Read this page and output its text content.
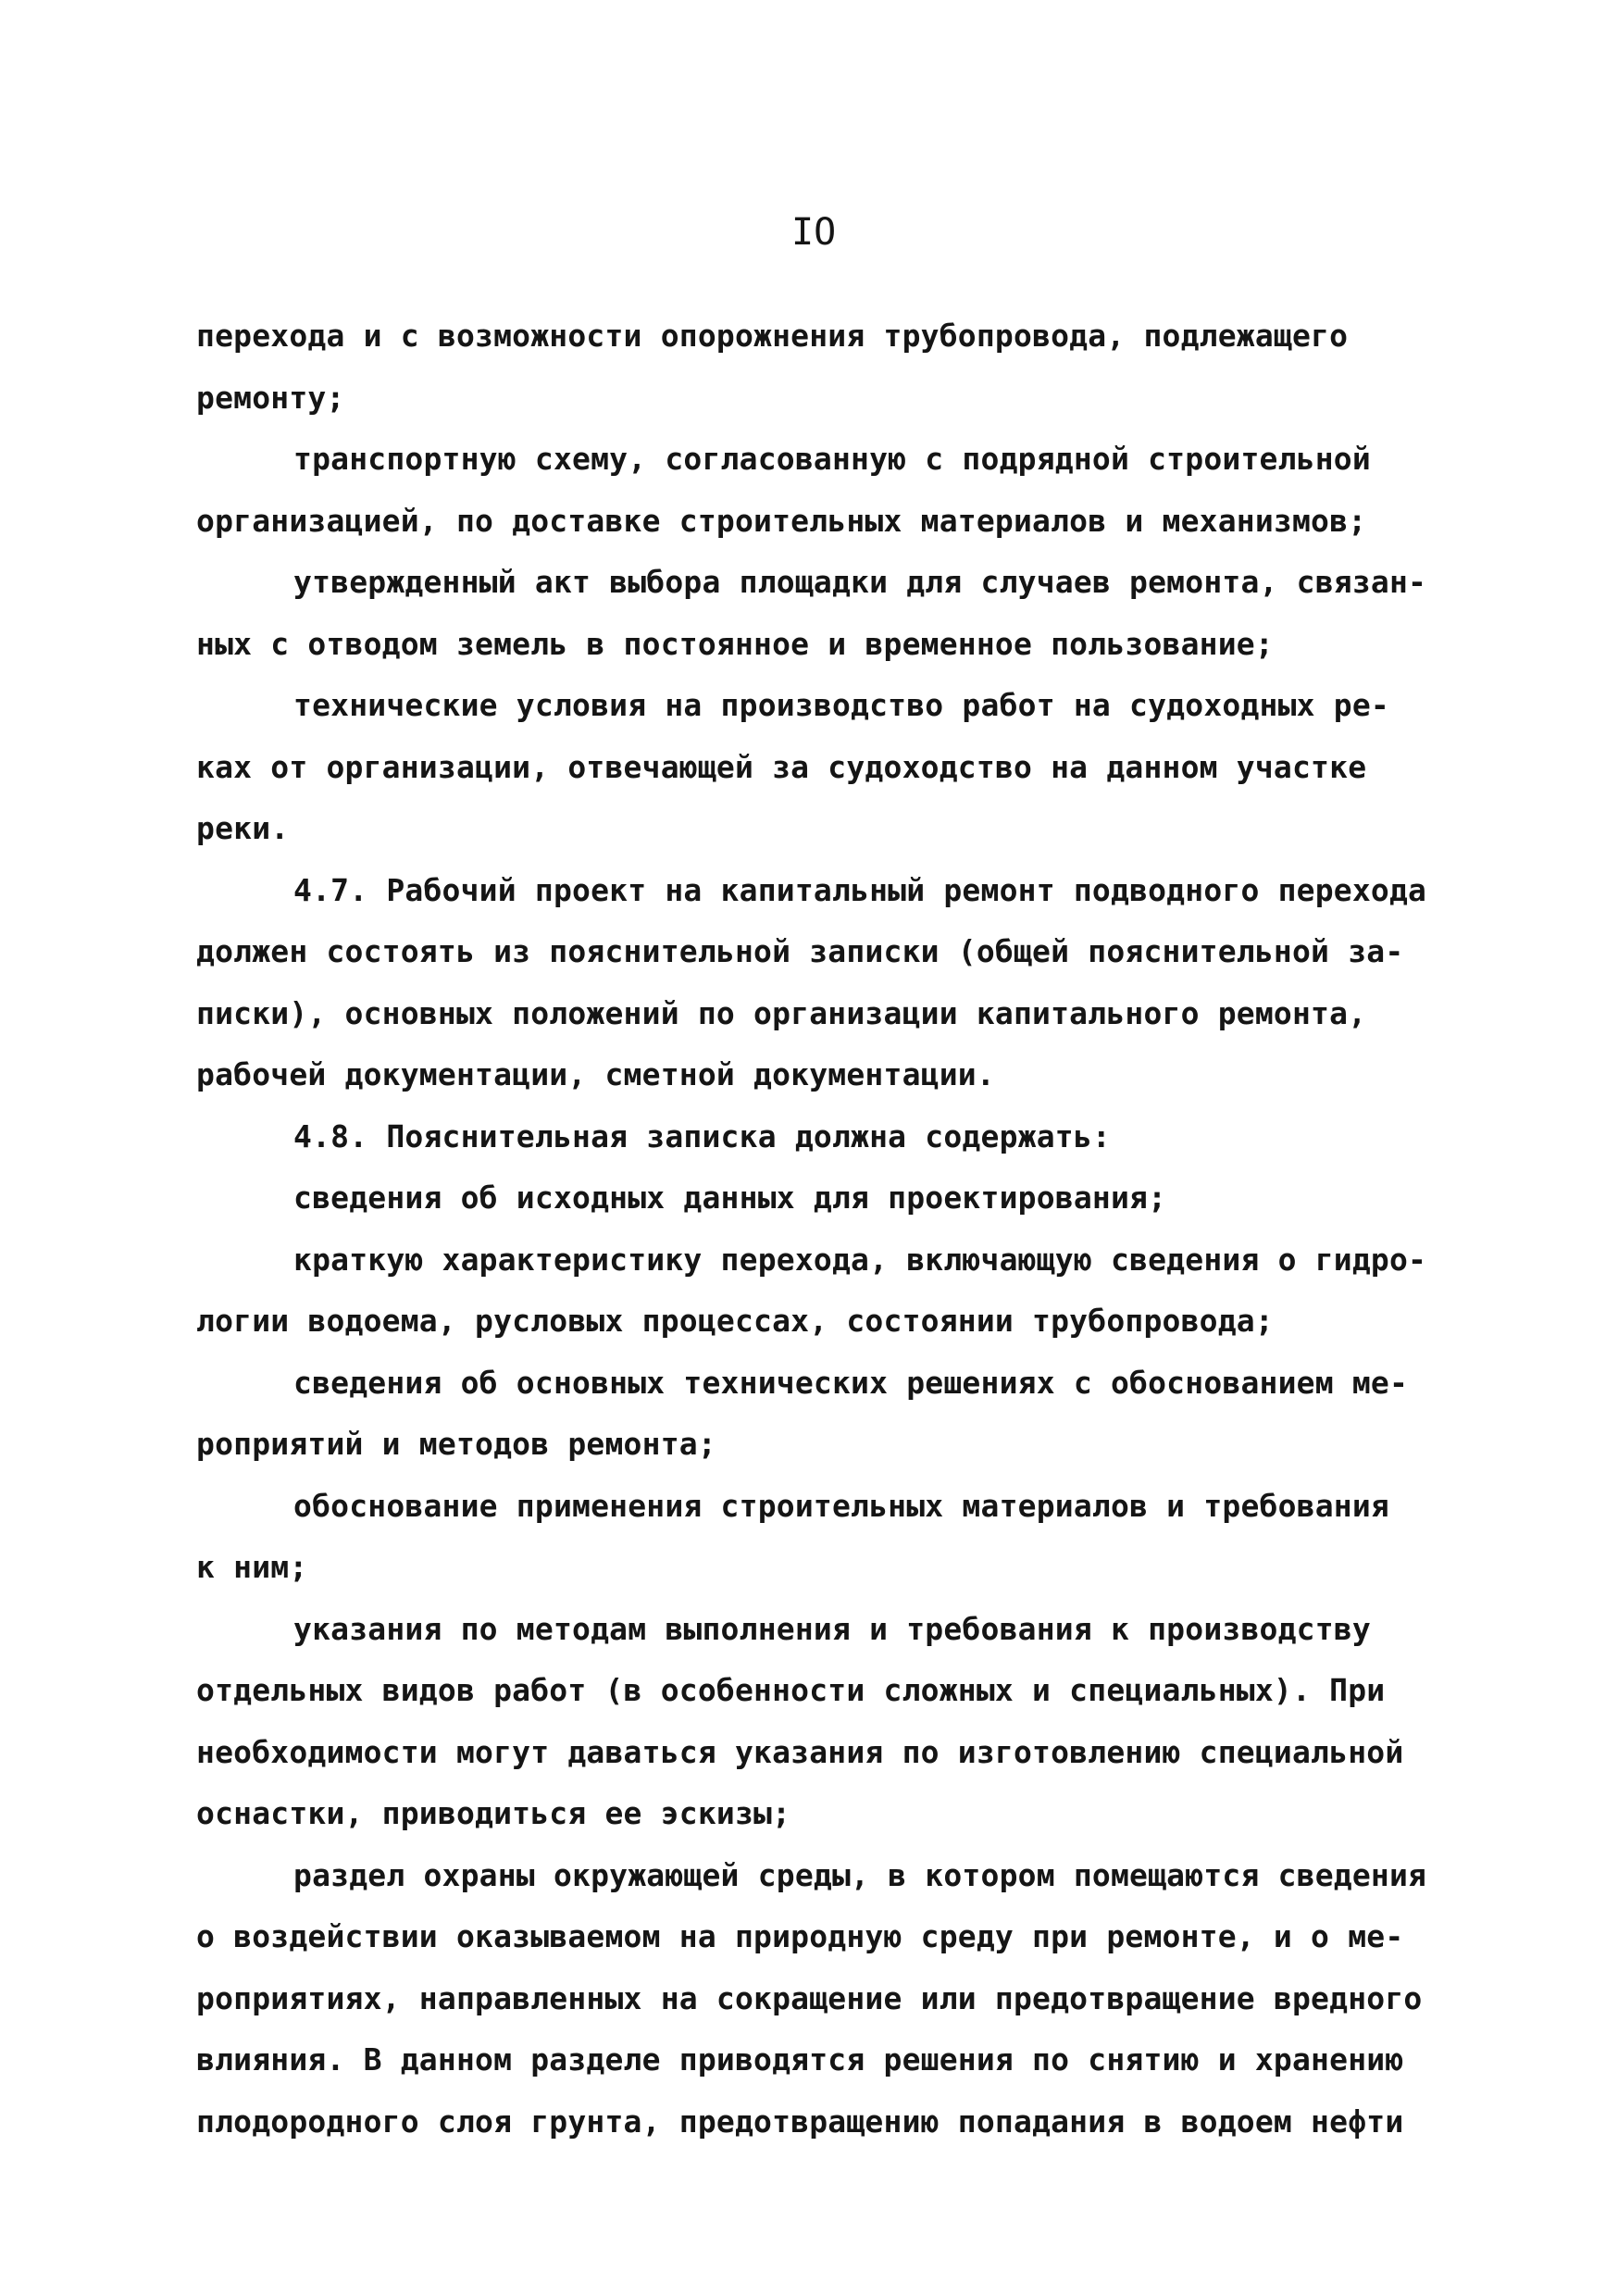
IO
перехода и с возможности опорожнения трубопровода, подлежащего
ремонту;
транспортную схему, согласованную с подрядной строительной
организацией, по доставке строительных материалов и механизмов;
утвержденный акт выбора площадки для случаев ремонта, связан-
ных с отводом земель в постоянное и временное пользование;
технические условия на производство работ на судоходных ре-
ках от организации, отвечающей за судоходство на данном участке
реки.
4.7. Рабочий проект на капитальный ремонт подводного перехода
должен состоять из пояснительной записки (общей пояснительной за-
писки), основных положений по организации капитального ремонта,
рабочей документации, сметной документации.
4.8. Пояснительная записка должна содержать:
сведения об исходных данных для проектирования;
краткую характеристику перехода, включающую сведения о гидро-
логии водоема, русловых процессах, состоянии трубопровода;
сведения об основных технических решениях с обоснованием ме-
роприятий и методов ремонта;
обоснование применения строительных материалов и требования
к ним;
указания по методам выполнения и требования к производству
отдельных видов работ (в особенности сложных и специальных). При
необходимости могут даваться указания по изготовлению специальной
оснастки, приводиться ее эскизы;
раздел охраны окружающей среды, в котором помещаются сведения
о воздействии оказываемом на природную среду при ремонте, и о ме-
роприятиях, направленных на сокращение или предотвращение вредного
влияния. В данном разделе приводятся решения по снятию и хранению
плодородного слоя грунта, предотвращению попадания в водоем нефти
